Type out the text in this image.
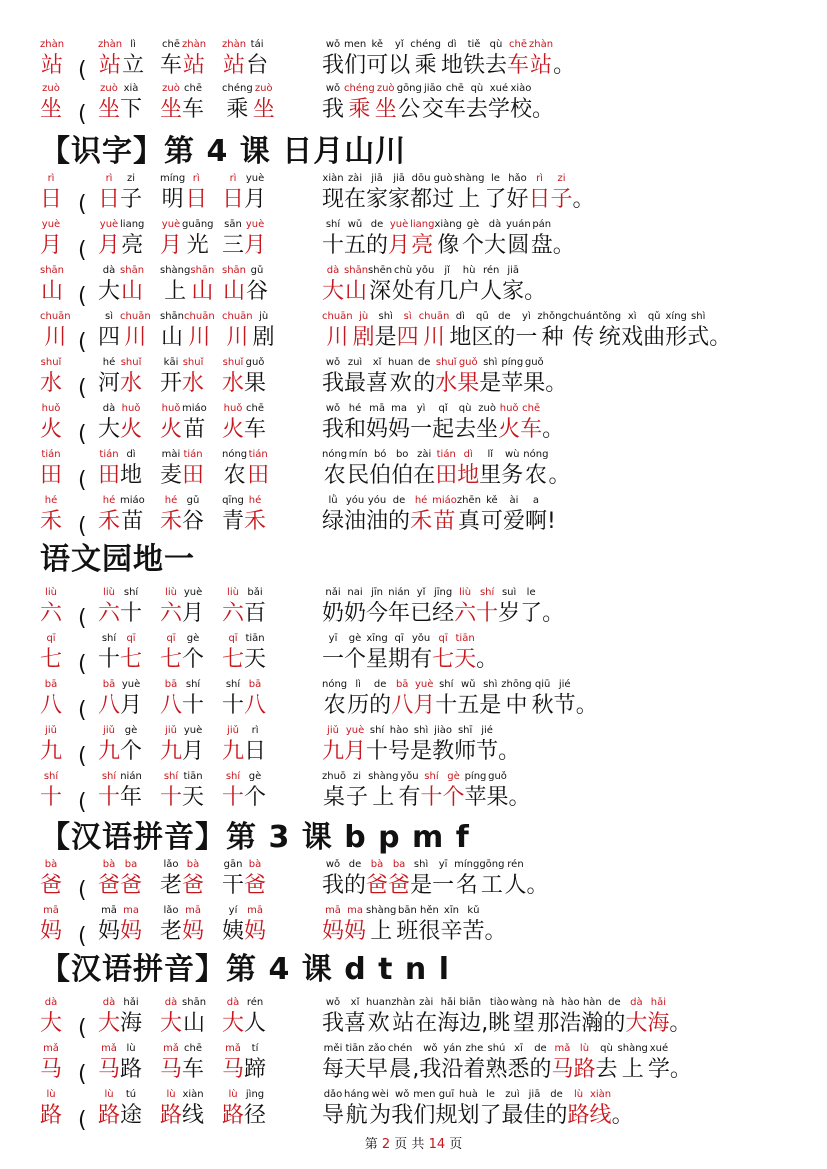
zhàn
站 (
zhàn
站
lì
立
chē
车
zhàn
站
zhàn
站
tái
台
wǒ
我
men
们
kě
可
yǐ
以
chéng
乘
dì
地
tiě
铁
qù
去
chē
车
zhàn
站 。
zuò
坐 (
zuò
坐
xià
下
zuò
坐
chē
车
chéng
乘
zuò
坐
wǒ
我
chéng
乘
zuò
坐
gōng
公
jiāo
交
chē
车
qù
去
xué
学
xiào
校 。
【识字】第 4 课 日月山川
rì
日 (
rì
日
zi
子
míng
明
rì
日
rì
日
yuè
月
xiàn
现
zài
在
jiā
家
jiā
家
dōu
都
guò
过
shàng
上
le
了
hǎo
好
rì
日
zi
子 。
yuè
月 (
yuè
月
liang
亮
yuè
月
guāng
光
sān
三
yuè
月
shí
十
wǔ
五
de
的
yuè
月
liang
亮
xiàng
像
gè
个
dà
大
yuán
圆
pán
盘 。
shān
山 (
dà
大
shān
山
shàng
上
shān
山
shān
山
gǔ
谷
dà
大
shān
山
shēn
深
chù
处
yǒu
有
jǐ
几
hù
户
rén
人
jiā
家 。
chuān
川 (
sì
四
chuān
川
shān
山
chuān
川
chuān
川
jù
剧
chuān
川
jù
剧
shì
是
sì
四
chuān
川
dì
地
qū
区
de
的
yì
一
zhǒng
种
chuán
传
tǒng
统
xì
戏
qǔ
曲
xíng
形
shì
式 。
shuǐ
水 (
hé
河
shuǐ
水
kāi
开
shuǐ
水
shuǐ
水
guǒ
果
wǒ
我
zuì
最
xǐ
喜
huan
欢
de
的
shuǐ
水
guǒ
果
shì
是
píng
苹
guǒ
果 。
huǒ
火 (
dà
大
huǒ
火
huǒ
火
miáo
苗
huǒ
火
chē
车
wǒ
我
hé
和
mā
妈
ma
妈
yì
一
qǐ
起
qù
去
zuò
坐
huǒ
火
chē
车 。
tián
田 (
tián
田
dì
地
mài
麦
tián
田
nóng
农
tián
田
nóng
农
mín
民
bó
伯
bo
伯
zài
在
tián
田
dì
地
lǐ
里
wù
务
nóng
农 。
hé
禾 (
hé
禾
miáo
苗
hé
禾
gǔ
谷
qīng
青
hé
禾
lǜ
绿
yóu
油
yóu
油
de
的
hé
禾
miáo
苗
zhēn
真
kě
可
ài
爱
a
啊 !
语文园地一
liù
六 (
liù
六
shí
十
liù
六
yuè
月
liù
六
bǎi
百
nǎi
奶
nai
奶
jīn
今
nián
年
yǐ
已
jīng
经
liù
六
shí
十
suì
岁
le
了 。
qī
七 (
shí
十
qī
七
qī
七
gè
个
qī
七
tiān
天
yī
一
gè
个
xīng
星
qī
期
yǒu
有
qī
七
tiān
天 。
bā
八 (
bā
八
yuè
月
bā
八
shí
十
shí
十
bā
八
nóng
农
lì
历
de
的
bā
八
yuè
月
shí
十
wǔ
五
shì
是
zhōng
中
qiū
秋
jié
节 。
jiǔ
九 (
jiǔ
九
gè
个
jiǔ
九
yuè
月
jiǔ
九
rì
日
jiǔ
九
yuè
月
shí
十
hào
号
shì
是
jiào
教
shī
师
jié
节 。
shí
十 (
shí
十
nián
年
shí
十
tiān
天
shí
十
gè
个
zhuō
桌
zi
子
shàng
上
yǒu
有
shí
十
gè
个
píng
苹
guǒ
果 。
【汉语拼音】第 3 课 b p m f
bà
爸 (
bà
爸
ba
爸
lǎo
老
bà
爸
gān
干
bà
爸
wǒ
我
de
的
bà
爸
ba
爸
shì
是
yī
一
míng
名
gōng
工
rén
人 。
mā
妈 (
mā
妈
ma
妈
lǎo
老
mā
妈
yí
姨
mā
妈
mā
妈
ma
妈
shàng
上
bān
班
hěn
很
xīn
辛
kǔ
苦 。
【汉语拼音】第 4 课 d t n l
dà
大 (
dà
大
hǎi
海
dà
大
shān
山
dà
大
rén
人
wǒ
我
xǐ
喜
huan
欢
zhàn
站
zài
在
hǎi
海
biān
边 ,
tiào
眺
wàng
望
nà
那
hào
浩
hàn
瀚
de
的
dà
大
hǎi
海 。
mǎ
马 (
mǎ
马
lù
路
mǎ
马
chē
车
mǎ
马
tí
蹄
měi
每
tiān
天
zǎo
早
chén
晨 ,
wǒ
我
yán
沿
zhe
着
shú
熟
xī
悉
de
的
mǎ
马
lù
路
qù
去
shàng
上
xué
学 。
lù
路 (
lù
路
tú
途
lù
路
xiàn
线
lù
路
jìng
径
dǎo
导
háng
航
wèi
为
wǒ
我
men
们
guī
规
huà
划
le
了
zuì
最
jiā
佳
de
的
lù
路
xiàn
线 。
第 2 页 共 14 页
